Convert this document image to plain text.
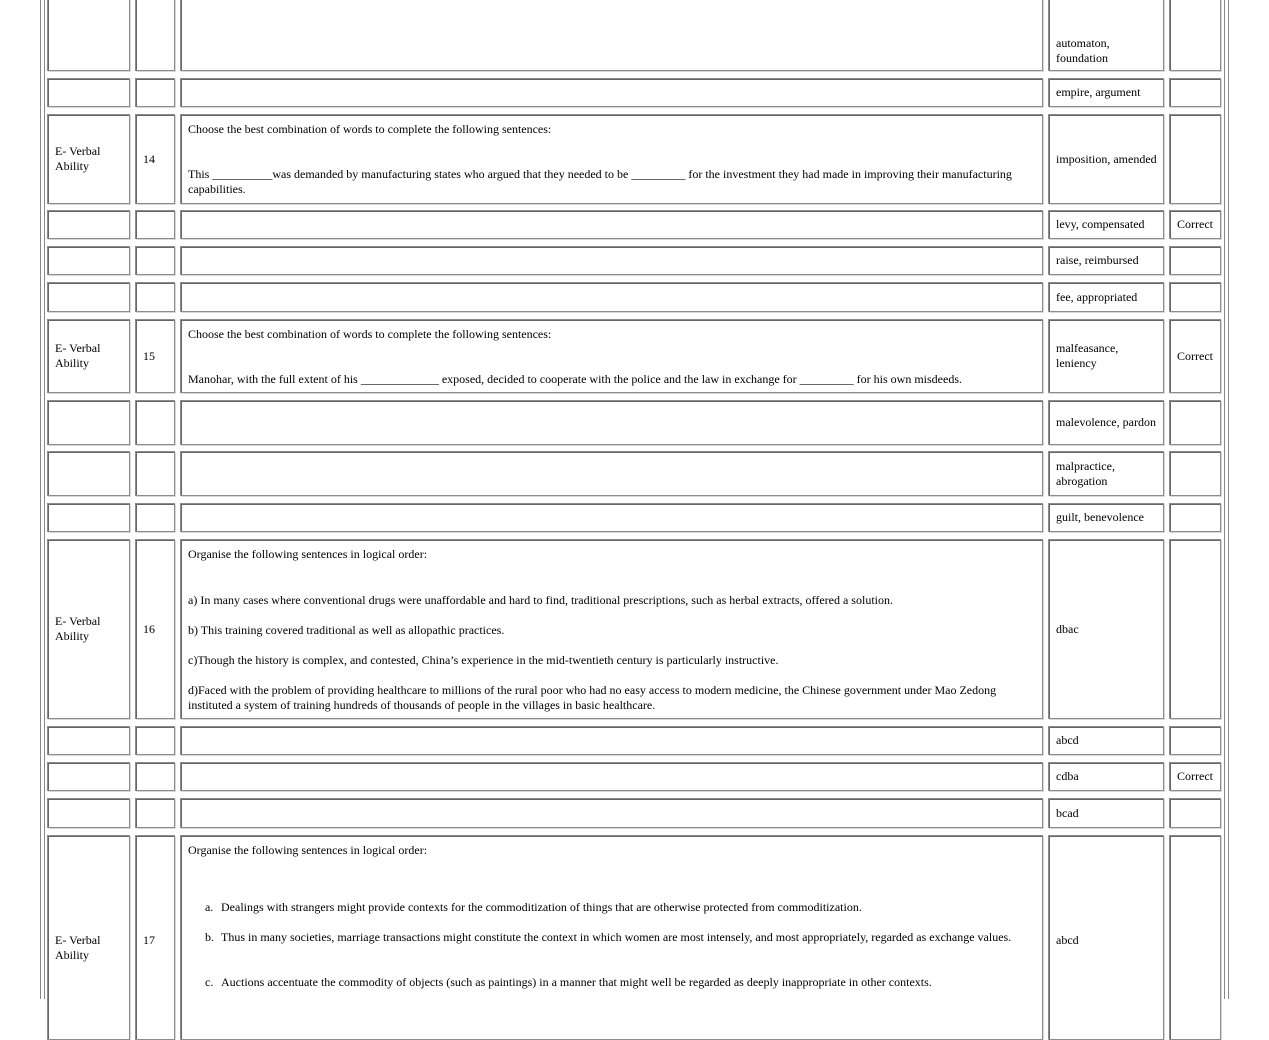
automaton, foundation
empire, argument
E- Verbal Ability
14

Choose the best combination of words to complete the following sentences:

This __________was demanded by manufacturing states who argued that they needed to be _________ for the investment they had made in improving their manufacturing capabilities.

imposition, amended
levy, compensated	Correct
raise, reimbursed
fee, appropriated
E- Verbal Ability
15

Choose the best combination of words to complete the following sentences:

Manohar, with the full extent of his _____________ exposed, decided to cooperate with the police and the law in exchange for _________ for his own misdeeds.

malfeasance, leniency
Correct
malevolence, pardon
malpractice, abrogation
guilt, benevolence
E- Verbal Ability
16

Organise the following sentences in logical order:

a) In many cases where conventional drugs were unaffordable and hard to find, traditional prescriptions, such as herbal extracts, offered a solution.

b) This training covered traditional as well as allopathic practices.

c)Though the history is complex, and contested, China’s experience in the mid-twentieth century is particularly instructive.

d)Faced with the problem of providing healthcare to millions of the rural poor who had no easy access to modern medicine, the Chinese government under Mao Zedong instituted a system of training hundreds of thousands of people in the villages in basic healthcare.

dbac
abcd
cdba	Correct
bcad
E- Verbal Ability
17

Organise the following sentences in logical order:

a. Dealings with strangers might provide contexts for the commoditization of things that are otherwise protected from commoditization.
b. Thus in many societies, marriage transactions might constitute the context in which women are most intensely, and most appropriately, regarded as exchange values.
c. Auctions accentuate the commodity of objects (such as paintings) in a manner that might well be regarded as deeply inappropriate in other contexts.
abcd
